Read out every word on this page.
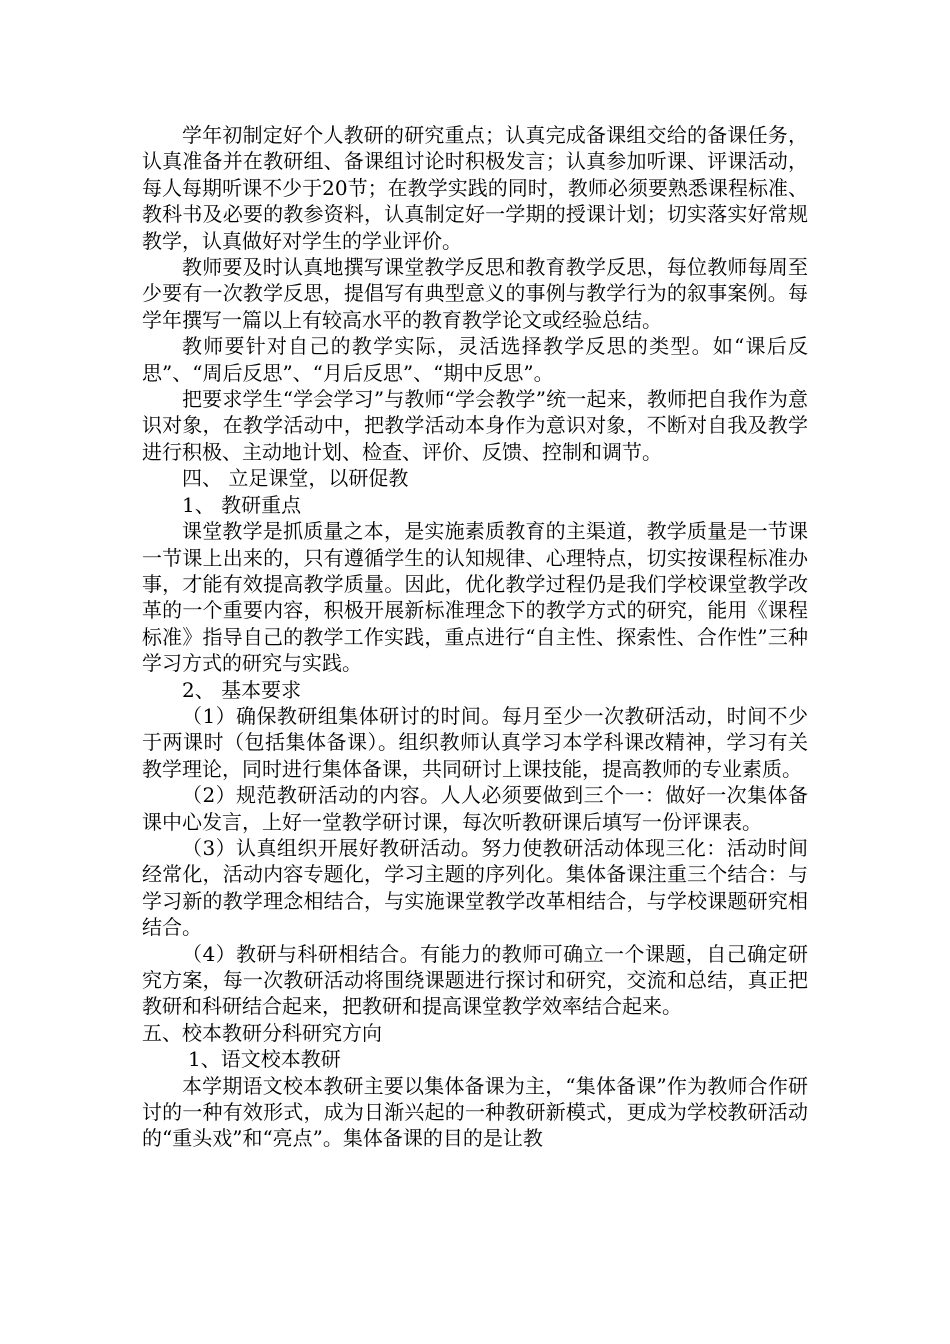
学年初制定好个人教研的研究重点；认真完成备课组交给的备课任务，认真准备并在教研组、备课组讨论时积极发言；认真参加听课、评课活动，每人每期听课不少于20节；在教学实践的同时，教师必须要熟悉课程标准、教科书及必要的教参资料，认真制定好一学期的授课计划；切实落实好常规教学，认真做好对学生的学业评价。

教师要及时认真地撰写课堂教学反思和教育教学反思，每位教师每周至少要有一次教学反思，提倡写有典型意义的事例与教学行为的叙事案例。每学年撰写一篇以上有较高水平的教育教学论文或经验总结。

教师要针对自己的教学实际，灵活选择教学反思的类型。如“课后反思”、“周后反思”、“月后反思”、“期中反思”。

把要求学生“学会学习”与教师“学会教学”统一起来，教师把自我作为意识对象，在教学活动中，把教学活动本身作为意识对象，不断对自我及教学进行积极、主动地计划、检查、评价、反馈、控制和调节。

四、 立足课堂，以研促教

1、 教研重点

课堂教学是抓质量之本，是实施素质教育的主渠道，教学质量是一节课一节课上出来的，只有遵循学生的认知规律、心理特点，切实按课程标准办事，才能有效提高教学质量。因此，优化教学过程仍是我们学校课堂教学改革的一个重要内容，积极开展新标准理念下的教学方式的研究，能用《课程标准》指导自己的教学工作实践，重点进行“自主性、探索性、合作性”三种学习方式的研究与实践。

2、 基本要求

（1）确保教研组集体研讨的时间。每月至少一次教研活动，时间不少于两课时（包括集体备课）。组织教师认真学习本学科课改精神，学习有关教学理论，同时进行集体备课，共同研讨上课技能，提高教师的专业素质。

（2）规范教研活动的内容。人人必须要做到三个一：做好一次集体备课中心发言，上好一堂教学研讨课，每次听教研课后填写一份评课表。

（3）认真组织开展好教研活动。努力使教研活动体现三化：活动时间经常化，活动内容专题化，学习主题的序列化。集体备课注重三个结合：与学习新的教学理念相结合，与实施课堂教学改革相结合，与学校课题研究相结合。

（4）教研与科研相结合。有能力的教师可确立一个课题，自己确定研究方案，每一次教研活动将围绕课题进行探讨和研究，交流和总结，真正把教研和科研结合起来，把教研和提高课堂教学效率结合起来。

五、校本教研分科研究方向

1、语文校本教研

本学期语文校本教研主要以集体备课为主，“集体备课”作为教师合作研讨的一种有效形式，成为日渐兴起的一种教研新模式，更成为学校教研活动的“重头戏”和“亮点”。集体备课的目的是让教
